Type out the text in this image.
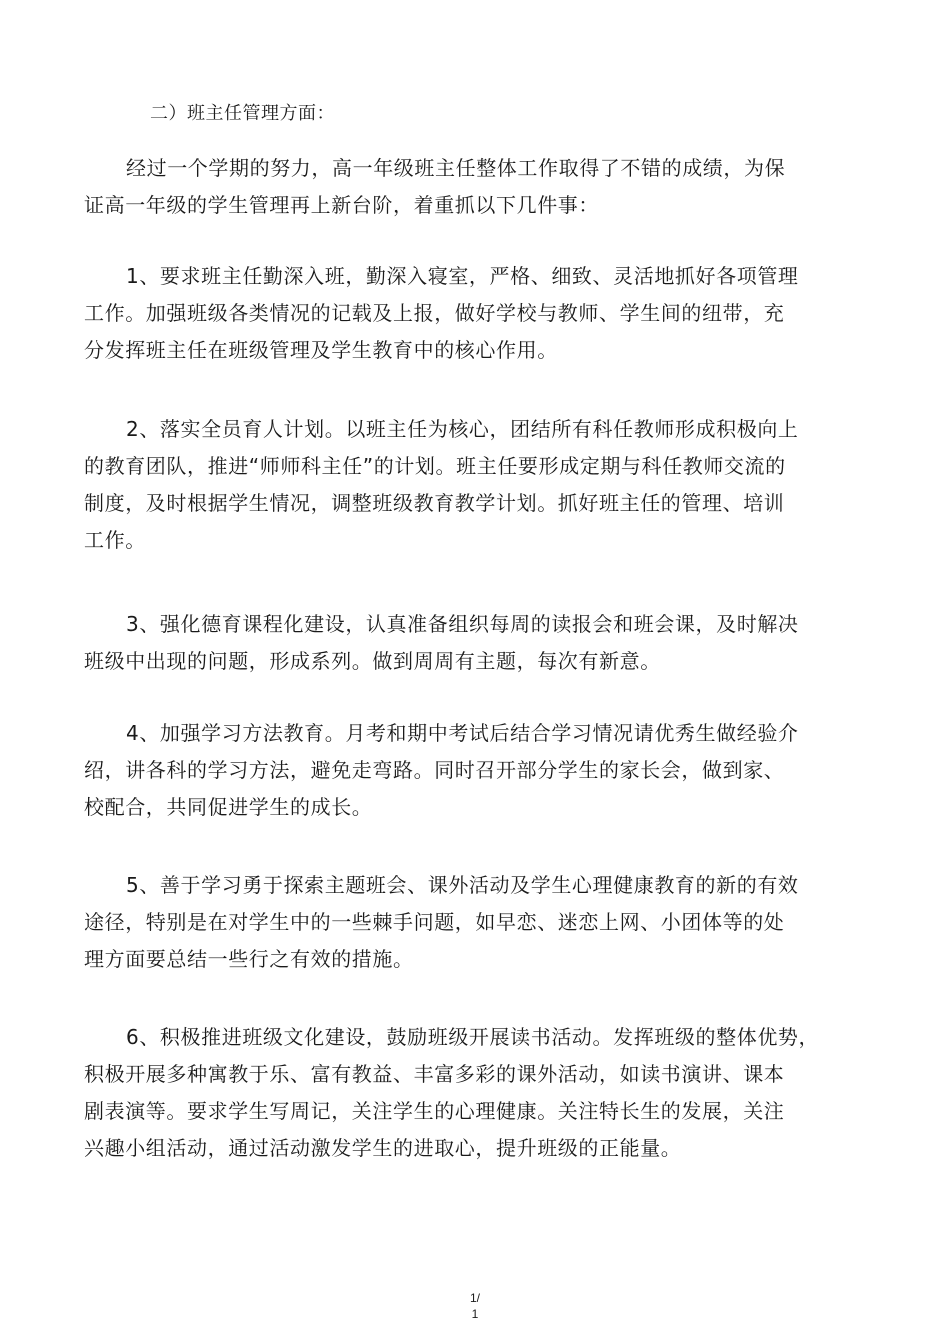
二）班主任管理方面：
经过一个学期的努力，高一年级班主任整体工作取得了不错的成绩，为保
证高一年级的学生管理再上新台阶，着重抓以下几件事：
1、要求班主任勤深入班，勤深入寝室，严格、细致、灵活地抓好各项管理
工作。加强班级各类情况的记载及上报，做好学校与教师、学生间的纽带，充
分发挥班主任在班级管理及学生教育中的核心作用。
2、落实全员育人计划。以班主任为核心，团结所有科任教师形成积极向上
的教育团队，推进“师师科主任”的计划。班主任要形成定期与科任教师交流的
制度，及时根据学生情况，调整班级教育教学计划。抓好班主任的管理、培训
工作。
3、强化德育课程化建设，认真准备组织每周的读报会和班会课，及时解决
班级中出现的问题，形成系列。做到周周有主题，每次有新意。
4、加强学习方法教育。月考和期中考试后结合学习情况请优秀生做经验介
绍，讲各科的学习方法，避免走弯路。同时召开部分学生的家长会，做到家、
校配合，共同促进学生的成长。
5、善于学习勇于探索主题班会、课外活动及学生心理健康教育的新的有效
途径，特别是在对学生中的一些棘手问题，如早恋、迷恋上网、小团体等的处
理方面要总结一些行之有效的措施。
6、积极推进班级文化建设，鼓励班级开展读书活动。发挥班级的整体优势，
积极开展多种寓教于乐、富有教益、丰富多彩的课外活动，如读书演讲、课本
剧表演等。要求学生写周记，关注学生的心理健康。关注特长生的发展，关注
兴趣小组活动，通过活动激发学生的进取心，提升班级的正能量。
1/
1
